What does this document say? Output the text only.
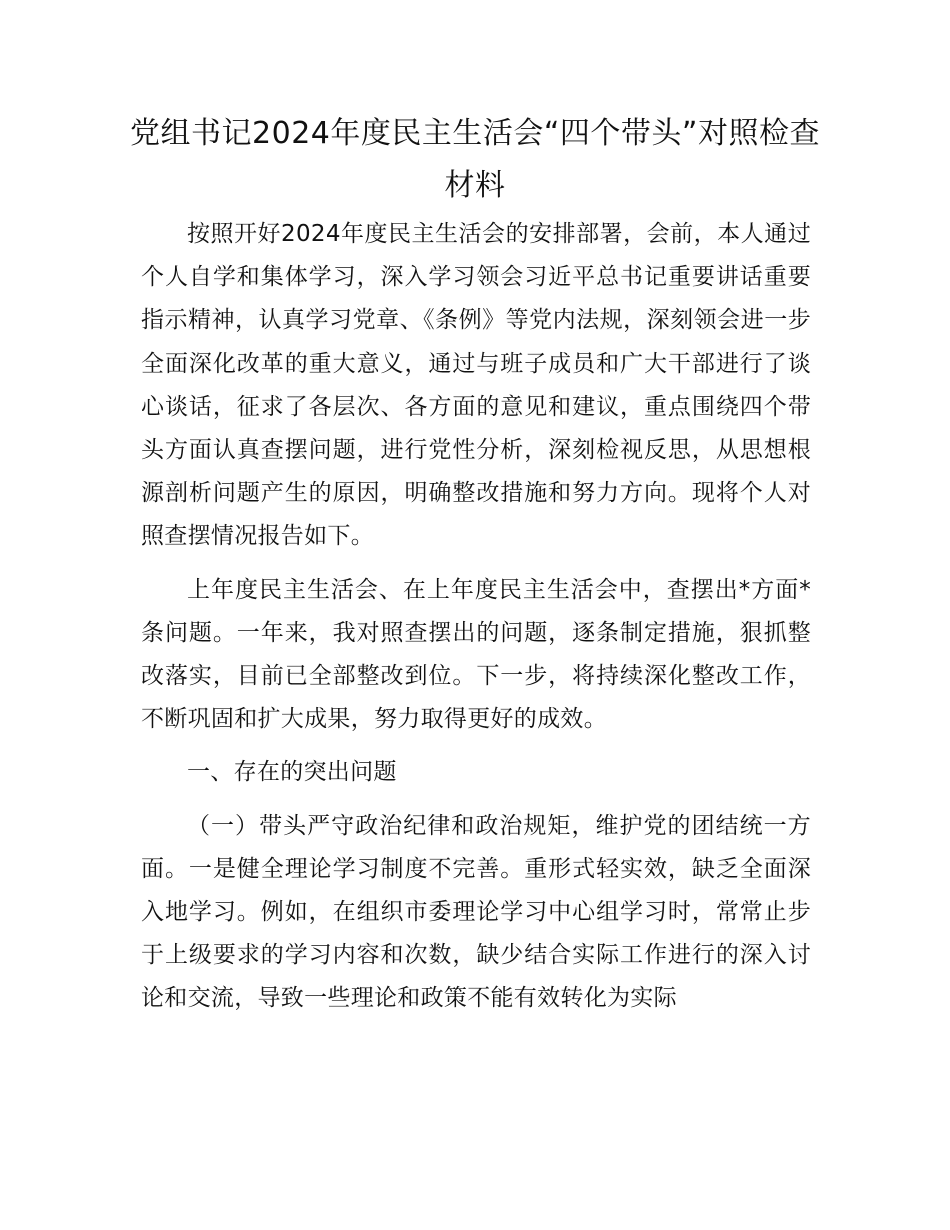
党组书记2024年度民主生活会“四个带头”对照检查材料

按照开好2024年度民主生活会的安排部署，会前，本人通过个人自学和集体学习，深入学习领会习近平总书记重要讲话重要指示精神，认真学习党章、《条例》等党内法规，深刻领会进一步全面深化改革的重大意义，通过与班子成员和广大干部进行了谈心谈话，征求了各层次、各方面的意见和建议，重点围绕四个带头方面认真查摆问题，进行党性分析，深刻检视反思，从思想根源剖析问题产生的原因，明确整改措施和努力方向。现将个人对照查摆情况报告如下。

上年度民主生活会、在上年度民主生活会中，查摆出*方面*条问题。一年来，我对照查摆出的问题，逐条制定措施，狠抓整改落实，目前已全部整改到位。下一步，将持续深化整改工作，不断巩固和扩大成果，努力取得更好的成效。

一、存在的突出问题

（一）带头严守政治纪律和政治规矩，维护党的团结统一方面。一是健全理论学习制度不完善。重形式轻实效，缺乏全面深入地学习。例如，在组织市委理论学习中心组学习时，常常止步于上级要求的学习内容和次数，缺少结合实际工作进行的深入讨论和交流，导致一些理论和政策不能有效转化为实际
